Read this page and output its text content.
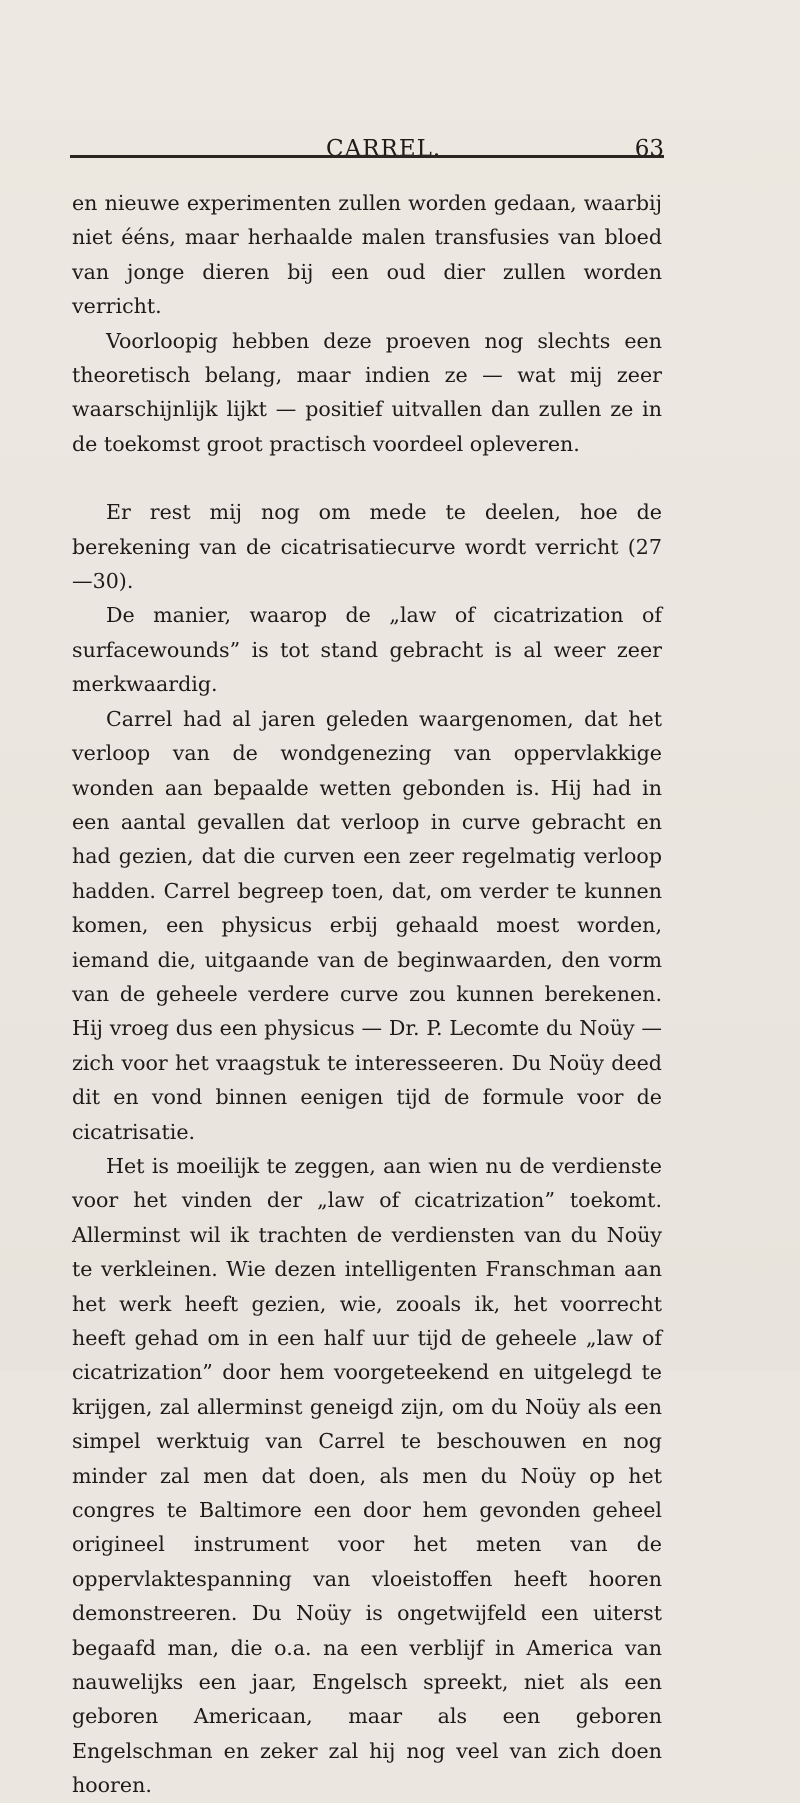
CARREL.	63

en nieuwe experimenten zullen worden gedaan, waarbij niet ééns, maar herhaalde malen transfusies van bloed van jonge dieren bij een oud dier zullen worden verricht.

Voorloopig hebben deze proeven nog slechts een theoretisch belang, maar indien ze — wat mij zeer waarschijnlijk lijkt — positief uitvallen dan zullen ze in de toekomst groot practisch voordeel opleveren.

Er rest mij nog om mede te deelen, hoe de berekening van de cicatrisatiecurve wordt verricht (27—30).

De manier, waarop de „law of cicatrization of surfacewounds” is tot stand gebracht is al weer zeer merkwaardig.

Carrel had al jaren geleden waargenomen, dat het verloop van de wondgenezing van oppervlakkige wonden aan bepaalde wetten gebonden is. Hij had in een aantal gevallen dat verloop in curve gebracht en had gezien, dat die curven een zeer regelmatig verloop hadden. Carrel begreep toen, dat, om verder te kunnen komen, een physicus erbij gehaald moest worden, iemand die, uitgaande van de beginwaarden, den vorm van de geheele verdere curve zou kunnen berekenen. Hij vroeg dus een physicus — Dr. P. Lecomte du Noüy — zich voor het vraagstuk te interesseeren. Du Noüy deed dit en vond binnen eenigen tijd de formule voor de cicatrisatie.

Het is moeilijk te zeggen, aan wien nu de verdienste voor het vinden der „law of cicatrization” toekomt. Allerminst wil ik trachten de verdiensten van du Noüy te verkleinen. Wie dezen intelligenten Franschman aan het werk heeft gezien, wie, zooals ik, het voorrecht heeft gehad om in een half uur tijd de geheele „law of cicatrization” door hem voorgeteekend en uitgelegd te krijgen, zal allerminst geneigd zijn, om du Noüy als een simpel werktuig van Carrel te beschouwen en nog minder zal men dat doen, als men du Noüy op het congres te Baltimore een door hem gevonden geheel origineel instrument voor het meten van de oppervlaktespanning van vloeistoffen heeft hooren demonstreeren. Du Noüy is ongetwijfeld een uiterst begaafd man, die o.a. na een verblijf in America van nauwelijks een jaar, Engelsch spreekt, niet als een geboren Americaan, maar als een geboren Engelschman en zeker zal hij nog veel van zich doen hooren.
